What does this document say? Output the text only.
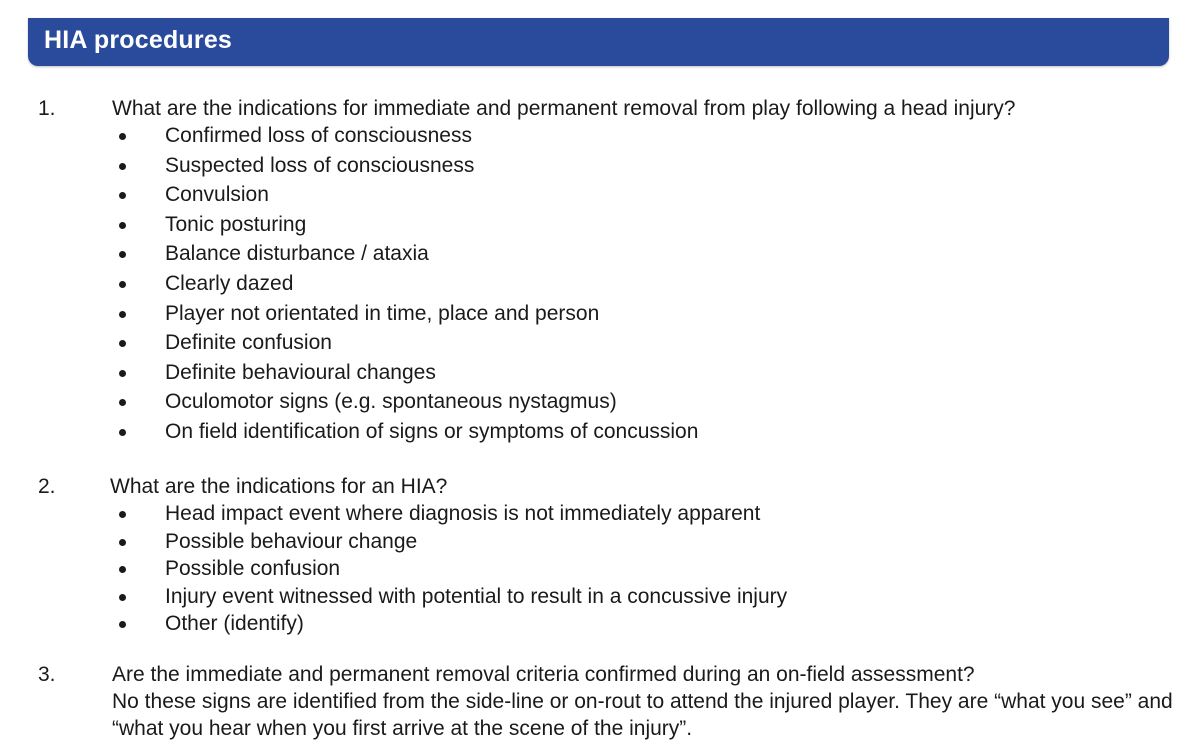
HIA procedures
1.	What are the indications for immediate and permanent removal from play following a head injury?
Confirmed loss of consciousness
Suspected loss of consciousness
Convulsion
Tonic posturing
Balance disturbance / ataxia
Clearly dazed
Player not orientated in time, place and person
Definite confusion
Definite behavioural changes
Oculomotor signs (e.g. spontaneous nystagmus)
On field identification of signs or symptoms of concussion
2.	What are the indications for an HIA?
Head impact event where diagnosis is not immediately apparent
Possible behaviour change
Possible confusion
Injury event witnessed with potential to result in a concussive injury
Other (identify)
3.	Are the immediate and permanent removal criteria confirmed during an on-field assessment?
No these signs are identified from the side-line or on-rout to attend the injured player. They are “what you see” and “what you hear when you first arrive at the scene of the injury”.
